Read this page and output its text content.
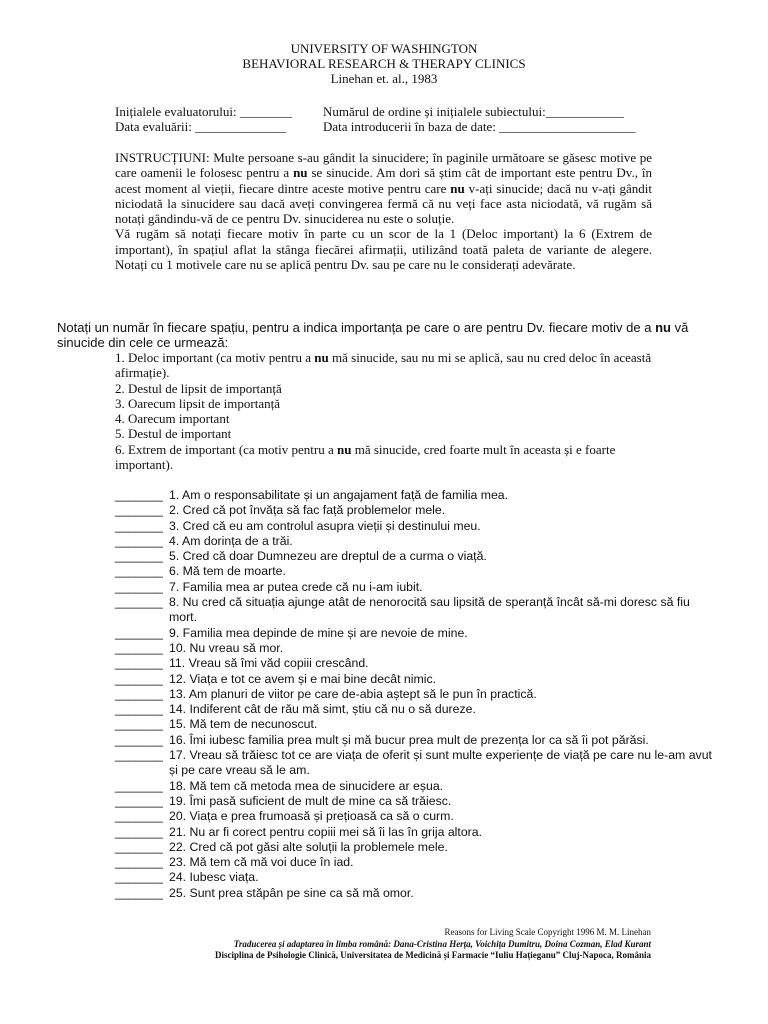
UNIVERSITY OF WASHINGTON
BEHAVIORAL RESEARCH & THERAPY CLINICS
Linehan et. al., 1983
Inițialele evaluatorului: ________	Numărul de ordine și inițialele subiectului:____________
Data evaluării: ______________	Data introducerii în baza de date: _____________________

INSTRUCȚIUNI: Multe persoane s-au gândit la sinucidere; în paginile următoare se găsesc motive pe care oamenii le folosesc pentru a nu se sinucide. Am dori să știm cât de important este pentru Dv., în acest moment al vieții, fiecare dintre aceste motive pentru care nu v-ați sinucide; dacă nu v-ați gândit niciodată la sinucidere sau dacă aveți convingerea fermă că nu veți face asta niciodată, vă rugăm să notați gândindu-vă de ce pentru Dv. sinuciderea nu este o soluție.

Vă rugăm să notați fiecare motiv în parte cu un scor de la 1 (Deloc important) la 6 (Extrem de important), în spațiul aflat la stânga fiecărei afirmații, utilizând toată paleta de variante de alegere. Notați cu 1 motivele care nu se aplică pentru Dv. sau pe care nu le considerați adevărate.

Notați un număr în fiecare spațiu, pentru a indica importanța pe care o are pentru Dv. fiecare motiv de a nu vă sinucide din cele ce urmează:

1. Deloc important (ca motiv pentru a nu mă sinucide, sau nu mi se aplică, sau nu cred deloc în această afirmație).

2. Destul de lipsit de importanță

3. Oarecum lipsit de importanță

4. Oarecum important

5. Destul de important

6. Extrem de important (ca motiv pentru a nu mă sinucide, cred foarte mult în aceasta și e foarte important).

_______ 1. Am o responsabilitate și un angajament față de familia mea.
_______ 2. Cred că pot învăța să fac față problemelor mele.
_______ 3. Cred că eu am controlul asupra vieții și destinului meu.
_______ 4. Am dorința de a trăi.
_______ 5. Cred că doar Dumnezeu are dreptul de a curma o viață.
_______ 6. Mă tem de moarte.
_______ 7. Familia mea ar putea crede că nu i-am iubit.
_______ 8. Nu cred că situația ajunge atât de nenorocită sau lipsită de speranță încât să-mi doresc să fiu mort.
_______ 9. Familia mea depinde de mine și are nevoie de mine.
_______ 10. Nu vreau să mor.
_______ 11. Vreau să îmi văd copiii crescând.
_______ 12. Viața e tot ce avem și e mai bine decât nimic.
_______ 13. Am planuri de viitor pe care de-abia aștept să le pun în practică.
_______ 14. Indiferent cât de rău mă simt, știu că nu o să dureze.
_______ 15. Mă tem de necunoscut.
_______ 16. Îmi iubesc familia prea mult și mă bucur prea mult de prezența lor ca să îi pot părăsi.
_______ 17. Vreau să trăiesc tot ce are viața de oferit și sunt multe experiențe de viață pe care nu le-am avut și pe care vreau să le am.
_______ 18. Mă tem că metoda mea de sinucidere ar eșua.
_______ 19. Îmi pasă suficient de mult de mine ca să trăiesc.
_______ 20. Viața e prea frumoasă și prețioasă ca să o curm.
_______ 21. Nu ar fi corect pentru copiii mei să îi las în grija altora.
_______ 22. Cred că pot găsi alte soluții la problemele mele.
_______ 23. Mă tem că mă voi duce în iad.
_______ 24. Iubesc viața.
_______ 25. Sunt prea stăpân pe sine ca să mă omor.
Reasons for Living Scale Copyright 1996 M. M. Linehan
Traducerea și adaptarea în limba română: Dana-Cristina Herța, Voichița Dumitru, Doina Cozman, Elad Kurant
Disciplina de Psihologie Clinică, Universitatea de Medicină și Farmacie “Iuliu Hațieganu” Cluj-Napoca, România
